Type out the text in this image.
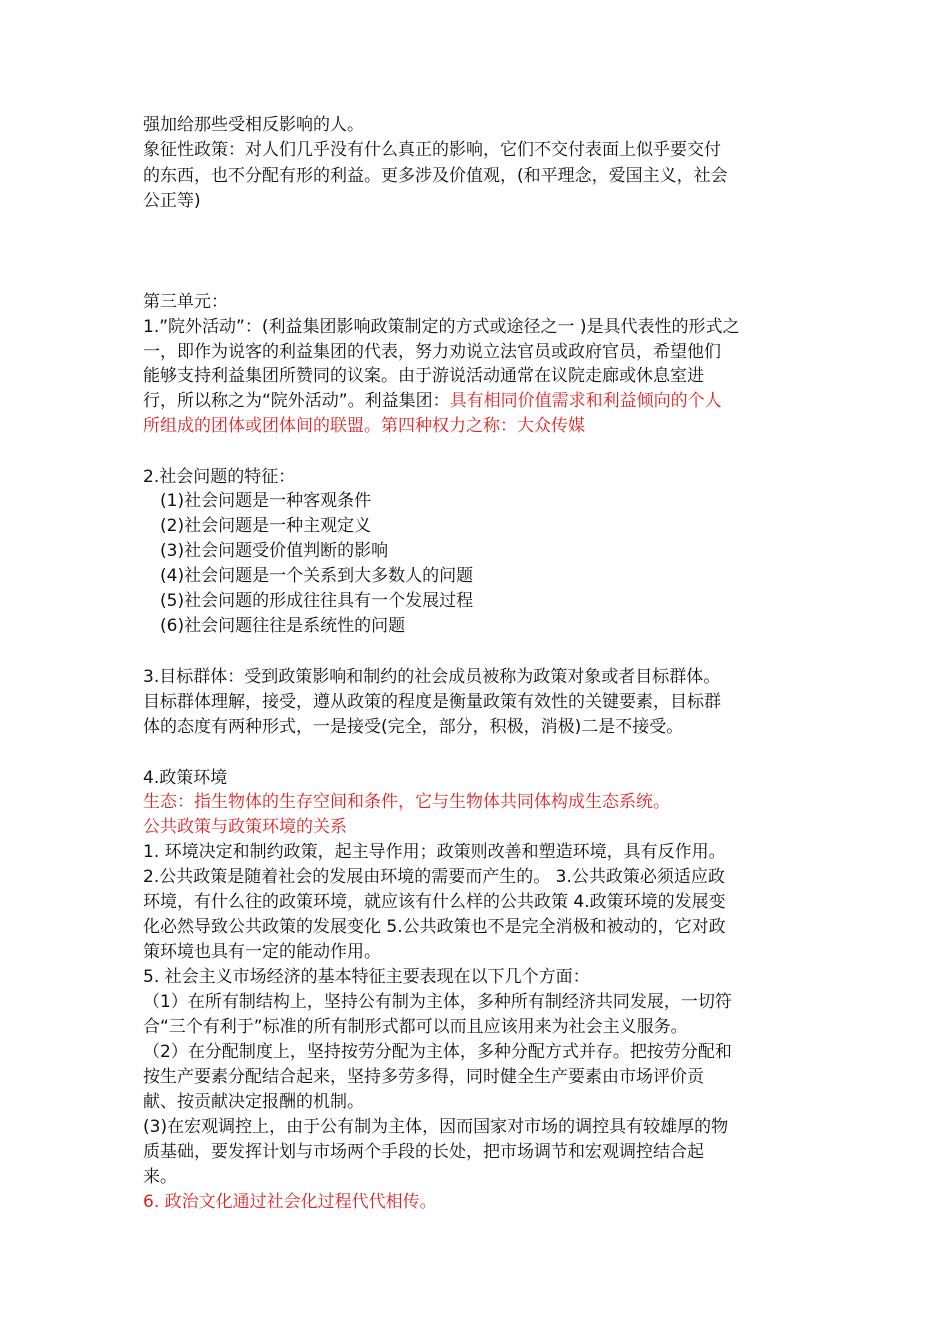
强加给那些受相反影响的人。
象征性政策：对人们几乎没有什么真正的影响，它们不交付表面上似乎要交付
的东西，也不分配有形的利益。更多涉及价值观，(和平理念，爱国主义，社会
公正等)
第三单元：
1.”院外活动”：(利益集团影响政策制定的方式或途径之一 )是具代表性的形式之
一，即作为说客的利益集团的代表，努力劝说立法官员或政府官员，希望他们
能够支持利益集团所赞同的议案。由于游说活动通常在议院走廊或休息室进
行，所以称之为“院外活动”。利益集团：具有相同价值需求和利益倾向的个人
所组成的团体或团体间的联盟。第四种权力之称：大众传媒
2.社会问题的特征：
(1)社会问题是一种客观条件
(2)社会问题是一种主观定义
(3)社会问题受价值判断的影响
(4)社会问题是一个关系到大多数人的问题
(5)社会问题的形成往往具有一个发展过程
(6)社会问题往往是系统性的问题
3.目标群体：受到政策影响和制约的社会成员被称为政策对象或者目标群体。
目标群体理解，接受，遵从政策的程度是衡量政策有效性的关键要素，目标群
体的态度有两种形式，一是接受(完全，部分，积极，消极)二是不接受。
4.政策环境
生态：指生物体的生存空间和条件，它与生物体共同体构成生态系统。
公共政策与政策环境的关系
1. 环境决定和制约政策，起主导作用；政策则改善和塑造环境，具有反作用。
2.公共政策是随着社会的发展由环境的需要而产生的。 3.公共政策必须适应政
环境，有什么往的政策环境，就应该有什么样的公共政策 4.政策环境的发展变
化必然导致公共政策的发展变化 5.公共政策也不是完全消极和被动的，它对政
策环境也具有一定的能动作用。
5. 社会主义市场经济的基本特征主要表现在以下几个方面：
（1）在所有制结构上，坚持公有制为主体，多种所有制经济共同发展，一切符
合“三个有利于”标准的所有制形式都可以而且应该用来为社会主义服务。
（2）在分配制度上，坚持按劳分配为主体，多种分配方式并存。把按劳分配和
按生产要素分配结合起来，坚持多劳多得，同时健全生产要素由市场评价贡
献、按贡献决定报酬的机制。
(3)在宏观调控上，由于公有制为主体，因而国家对市场的调控具有较雄厚的物
质基础，要发挥计划与市场两个手段的长处，把市场调节和宏观调控结合起
来。
6. 政治文化通过社会化过程代代相传。
